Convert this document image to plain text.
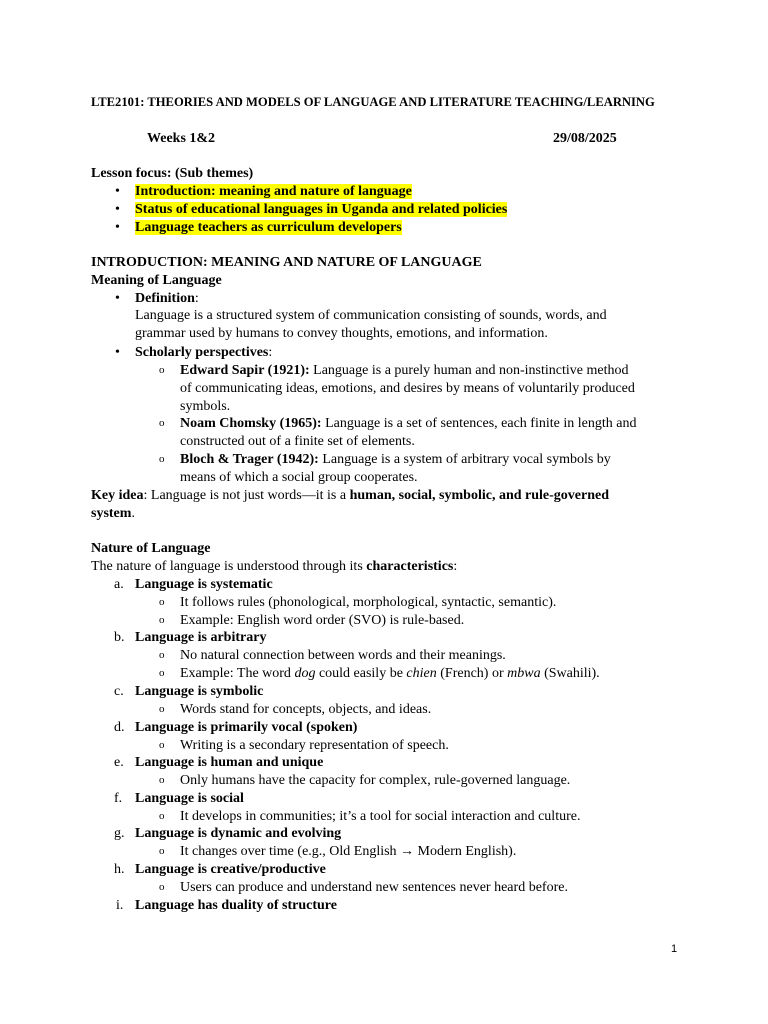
LTE2101: THEORIES AND MODELS OF LANGUAGE AND LITERATURE TEACHING/LEARNING
Weeks 1&2	29/08/2025
Lesson focus: (Sub themes)
• Introduction: meaning and nature of language
• Status of educational languages in Uganda and related policies
• Language teachers as curriculum developers
INTRODUCTION: MEANING AND NATURE OF LANGUAGE
Meaning of Language
• Definition:
Language is a structured system of communication consisting of sounds, words, and
grammar used by humans to convey thoughts, emotions, and information.
• Scholarly perspectives:
o Edward Sapir (1921): Language is a purely human and non-instinctive method
of communicating ideas, emotions, and desires by means of voluntarily produced
symbols.
o Noam Chomsky (1965): Language is a set of sentences, each finite in length and
constructed out of a finite set of elements.
o Bloch & Trager (1942): Language is a system of arbitrary vocal symbols by
means of which a social group cooperates.
Key idea: Language is not just words—it is a human, social, symbolic, and rule-governed
system.
Nature of Language
The nature of language is understood through its characteristics:
a. Language is systematic
o It follows rules (phonological, morphological, syntactic, semantic).
o Example: English word order (SVO) is rule-based.
b. Language is arbitrary
o No natural connection between words and their meanings.
o Example: The word dog could easily be chien (French) or mbwa (Swahili).
c. Language is symbolic
o Words stand for concepts, objects, and ideas.
d. Language is primarily vocal (spoken)
o Writing is a secondary representation of speech.
e. Language is human and unique
o Only humans have the capacity for complex, rule-governed language.
f. Language is social
o It develops in communities; it’s a tool for social interaction and culture.
g. Language is dynamic and evolving
o It changes over time (e.g., Old English → Modern English).
h. Language is creative/productive
o Users can produce and understand new sentences never heard before.
i. Language has duality of structure
1
